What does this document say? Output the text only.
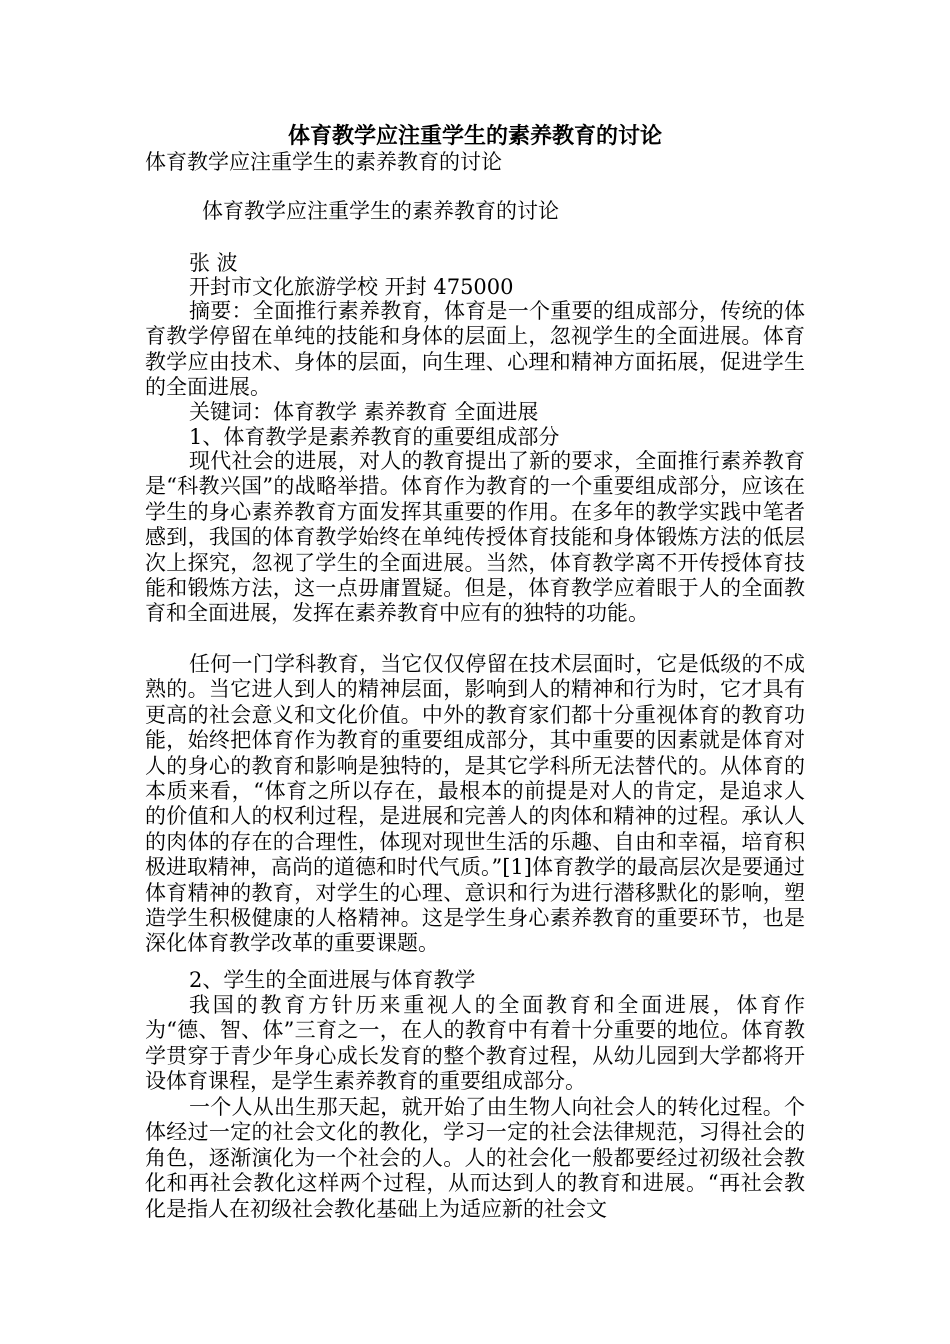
体育教学应注重学生的素养教育的讨论
体育教学应注重学生的素养教育的讨论
体育教学应注重学生的素养教育的讨论
张 波
开封市文化旅游学校 开封 475000

摘要：全面推行素养教育，体育是一个重要的组成部分，传统的体育教学停留在单纯的技能和身体的层面上，忽视学生的全面进展。体育教学应由技术、身体的层面，向生理、心理和精神方面拓展，促进学生的全面进展。

关键词：体育教学 素养教育 全面进展
1、体育教学是素养教育的重要组成部分

现代社会的进展，对人的教育提出了新的要求，全面推行素养教育是“科教兴国”的战略举措。体育作为教育的一个重要组成部分，应该在学生的身心素养教育方面发挥其重要的作用。在多年的教学实践中笔者感到，我国的体育教学始终在单纯传授体育技能和身体锻炼方法的低层次上探究，忽视了学生的全面进展。当然，体育教学离不开传授体育技能和锻炼方法，这一点毋庸置疑。但是，体育教学应着眼于人的全面教育和全面进展，发挥在素养教育中应有的独特的功能。

任何一门学科教育，当它仅仅停留在技术层面时，它是低级的不成熟的。当它进人到人的精神层面，影响到人的精神和行为时，它才具有更高的社会意义和文化价值。中外的教育家们都十分重视体育的教育功能，始终把体育作为教育的重要组成部分，其中重要的因素就是体育对人的身心的教育和影响是独特的，是其它学科所无法替代的。从体育的本质来看，“体育之所以存在，最根本的前提是对人的肯定，是追求人的价值和人的权利过程，是进展和完善人的肉体和精神的过程。承认人的肉体的存在的合理性，体现对现世生活的乐趣、自由和幸福，培育积极进取精神，高尚的道德和时代气质。”[1]体育教学的最高层次是要通过体育精神的教育，对学生的心理、意识和行为进行潜移默化的影响，塑造学生积极健康的人格精神。这是学生身心素养教育的重要环节，也是深化体育教学改革的重要课题。

2、学生的全面进展与体育教学

我国的教育方针历来重视人的全面教育和全面进展，体育作为“德、智、体”三育之一，在人的教育中有着十分重要的地位。体育教学贯穿于青少年身心成长发育的整个教育过程，从幼儿园到大学都将开设体育课程，是学生素养教育的重要组成部分。

一个人从出生那天起，就开始了由生物人向社会人的转化过程。个体经过一定的社会文化的教化，学习一定的社会法律规范，习得社会的角色，逐渐演化为一个社会的人。人的社会化一般都要经过初级社会教化和再社会教化这样两个过程，从而达到人的教育和进展。“再社会教化是指人在初级社会教化基础上为适应新的社会文
